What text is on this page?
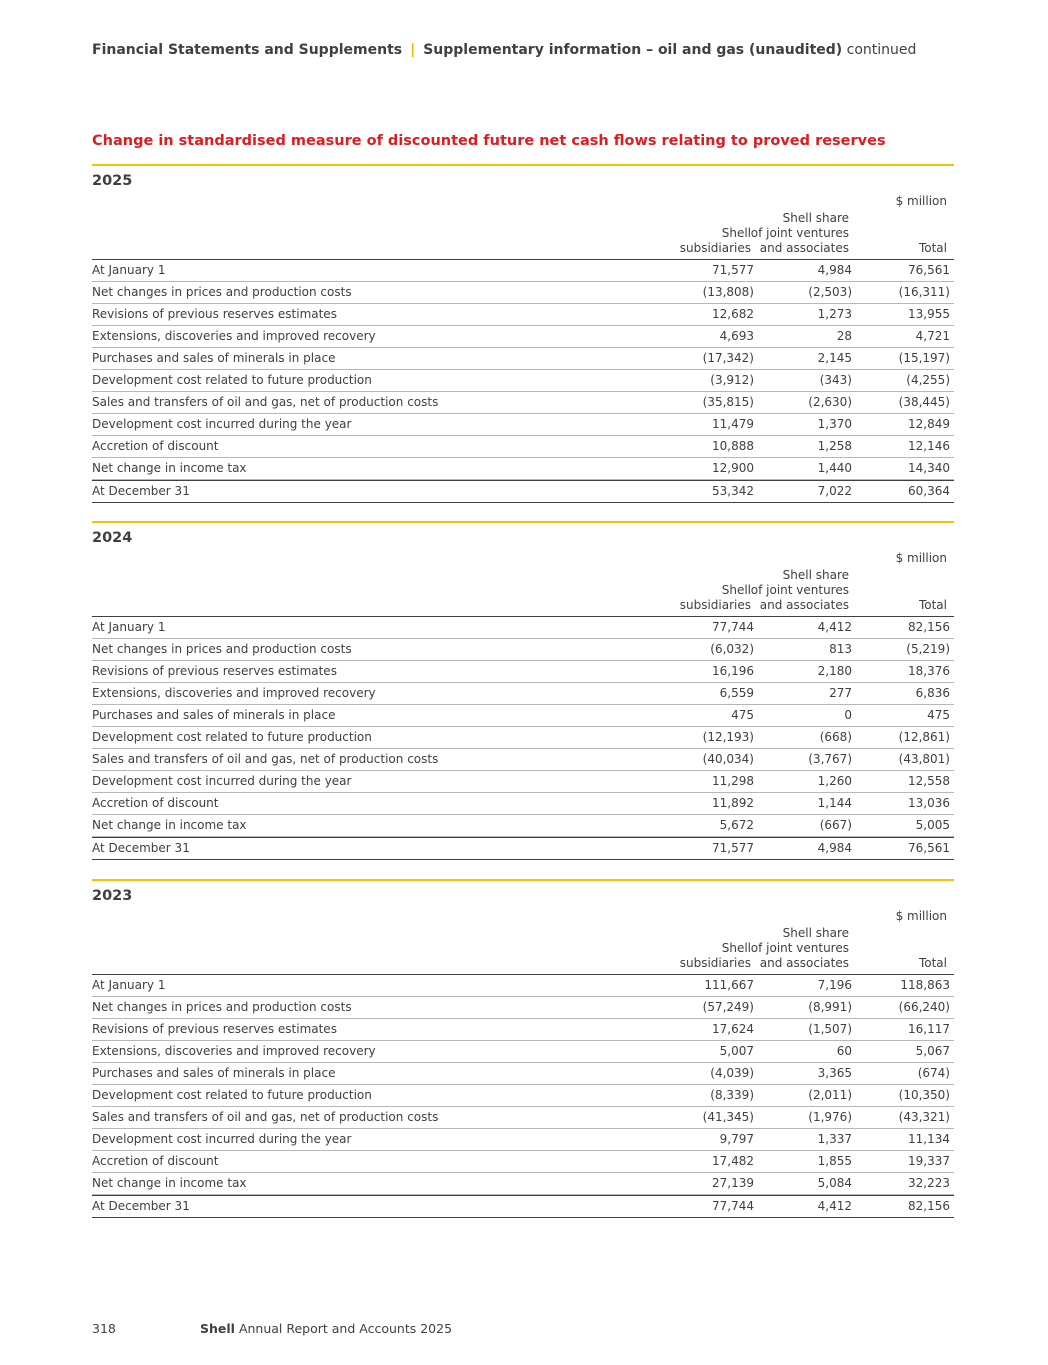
Financial Statements and Supplements | Supplementary information – oil and gas (unaudited) continued
Change in standardised measure of discounted future net cash flows relating to proved reserves
2025
$ million
Shell
subsidiaries

Shell share
of joint ventures
and associates	Total
At January 1	71,577	4,984	76,561
Net changes in prices and production costs	(13,808)	(2,503)	(16,311)
Revisions of previous reserves estimates	12,682	1,273	13,955
Extensions, discoveries and improved recovery	4,693	28	4,721
Purchases and sales of minerals in place	(17,342)	2,145	(15,197)
Development cost related to future production	(3,912)	(343)	(4,255)
Sales and transfers of oil and gas, net of production costs	(35,815)	(2,630)	(38,445)
Development cost incurred during the year	11,479	1,370	12,849
Accretion of discount	10,888	1,258	12,146
Net change in income tax	12,900	1,440	14,340
At December 31	53,342	7,022	60,364
2024
$ million
Shell
subsidiaries

Shell share
of joint ventures
and associates	Total
At January 1	77,744	4,412	82,156
Net changes in prices and production costs	(6,032)	813	(5,219)
Revisions of previous reserves estimates	16,196	2,180	18,376
Extensions, discoveries and improved recovery	6,559	277	6,836
Purchases and sales of minerals in place	475	0	475
Development cost related to future production	(12,193)	(668)	(12,861)
Sales and transfers of oil and gas, net of production costs	(40,034)	(3,767)	(43,801)
Development cost incurred during the year	11,298	1,260	12,558
Accretion of discount	11,892	1,144	13,036
Net change in income tax	5,672	(667)	5,005
At December 31	71,577	4,984	76,561
2023
$ million
Shell
subsidiaries

Shell share
of joint ventures
and associates	Total
At January 1	111,667	7,196	118,863
Net changes in prices and production costs	(57,249)	(8,991)	(66,240)
Revisions of previous reserves estimates	17,624	(1,507)	16,117
Extensions, discoveries and improved recovery	5,007	60	5,067
Purchases and sales of minerals in place	(4,039)	3,365	(674)
Development cost related to future production	(8,339)	(2,011)	(10,350)
Sales and transfers of oil and gas, net of production costs	(41,345)	(1,976)	(43,321)
Development cost incurred during the year	9,797	1,337	11,134
Accretion of discount	17,482	1,855	19,337
Net change in income tax	27,139	5,084	32,223
At December 31	77,744	4,412	82,156
318	Shell Annual Report and Accounts 2025
